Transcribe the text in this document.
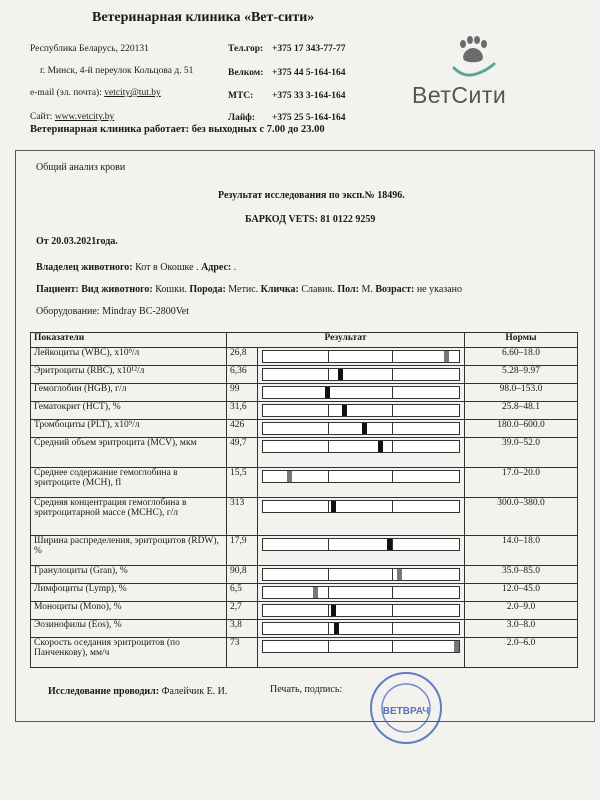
Ветеринарная клиника «Вет-сити»
Республика Беларусь, 220131
г. Минск, 4-й переулок Кольцова д. 51
e-mail (эл. почта): vetcity@tut.by
Сайт: www.vetcity.by
Тел.гор: +375 17 343-77-77
Велком: +375 44 5-164-164
МТС: +375 33 3-164-164
Лайф: +375 25 5-164-164
ВетСити
Ветеринарная клиника работает: без выходных с 7.00 до 23.00
Общий анализ крови
Результат исследования по эксп.№ 18496.
БАРКОД VETS: 81 0122 9259
От 20.03.2021года.
Владелец животного: Кот в Окошке . Адрес: .
Пациент: Вид животного: Кошки. Порода: Метис. Кличка: Славик. Пол: М. Возраст: не указано
Оборудование: Mindray BC-2800Vet
Показатели	Результат		Нормы
Лейкоциты (WBC), x10⁹/л	26,8		6.60–18.0
Эритроциты (RBC), x10¹²/л	6,36		5.28–9.97
Гемоглобин (HGB), г/л	99		98.0–153.0
Гематокрит (HCT), %	31,6		25.8–48.1
Тромбоциты (PLT), x10⁹/л	426		180.0–600.0
Средний объем эритроцита (MCV), мкм	49,7		39.0–52.0
Среднее содержание гемоглобина в эритроците (MCH), fl	15,5		17.0–20.0
Средняя концентрация гемоглобина в эритроцитарной массе (MCHC), г/л	313		300.0–380.0
Ширина распределения, эритроцитов (RDW), %	17,9		14.0–18.0
Гранулоциты (Gran), %	90,8		35.0–85.0
Лимфоциты (Lymp), %	6,5		12.0–45.0
Моноциты (Mono), %	2,7		2.0–9.0
Эозинофилы (Eos), %	3,8		3.0–8.0
Скорость оседания эритроцитов (по Панченкову), мм/ч	73		2.0–6.0
Исследование проводил: Фалейчик Е. И.	Печать, подпись:
ВЕТВРАЧ
